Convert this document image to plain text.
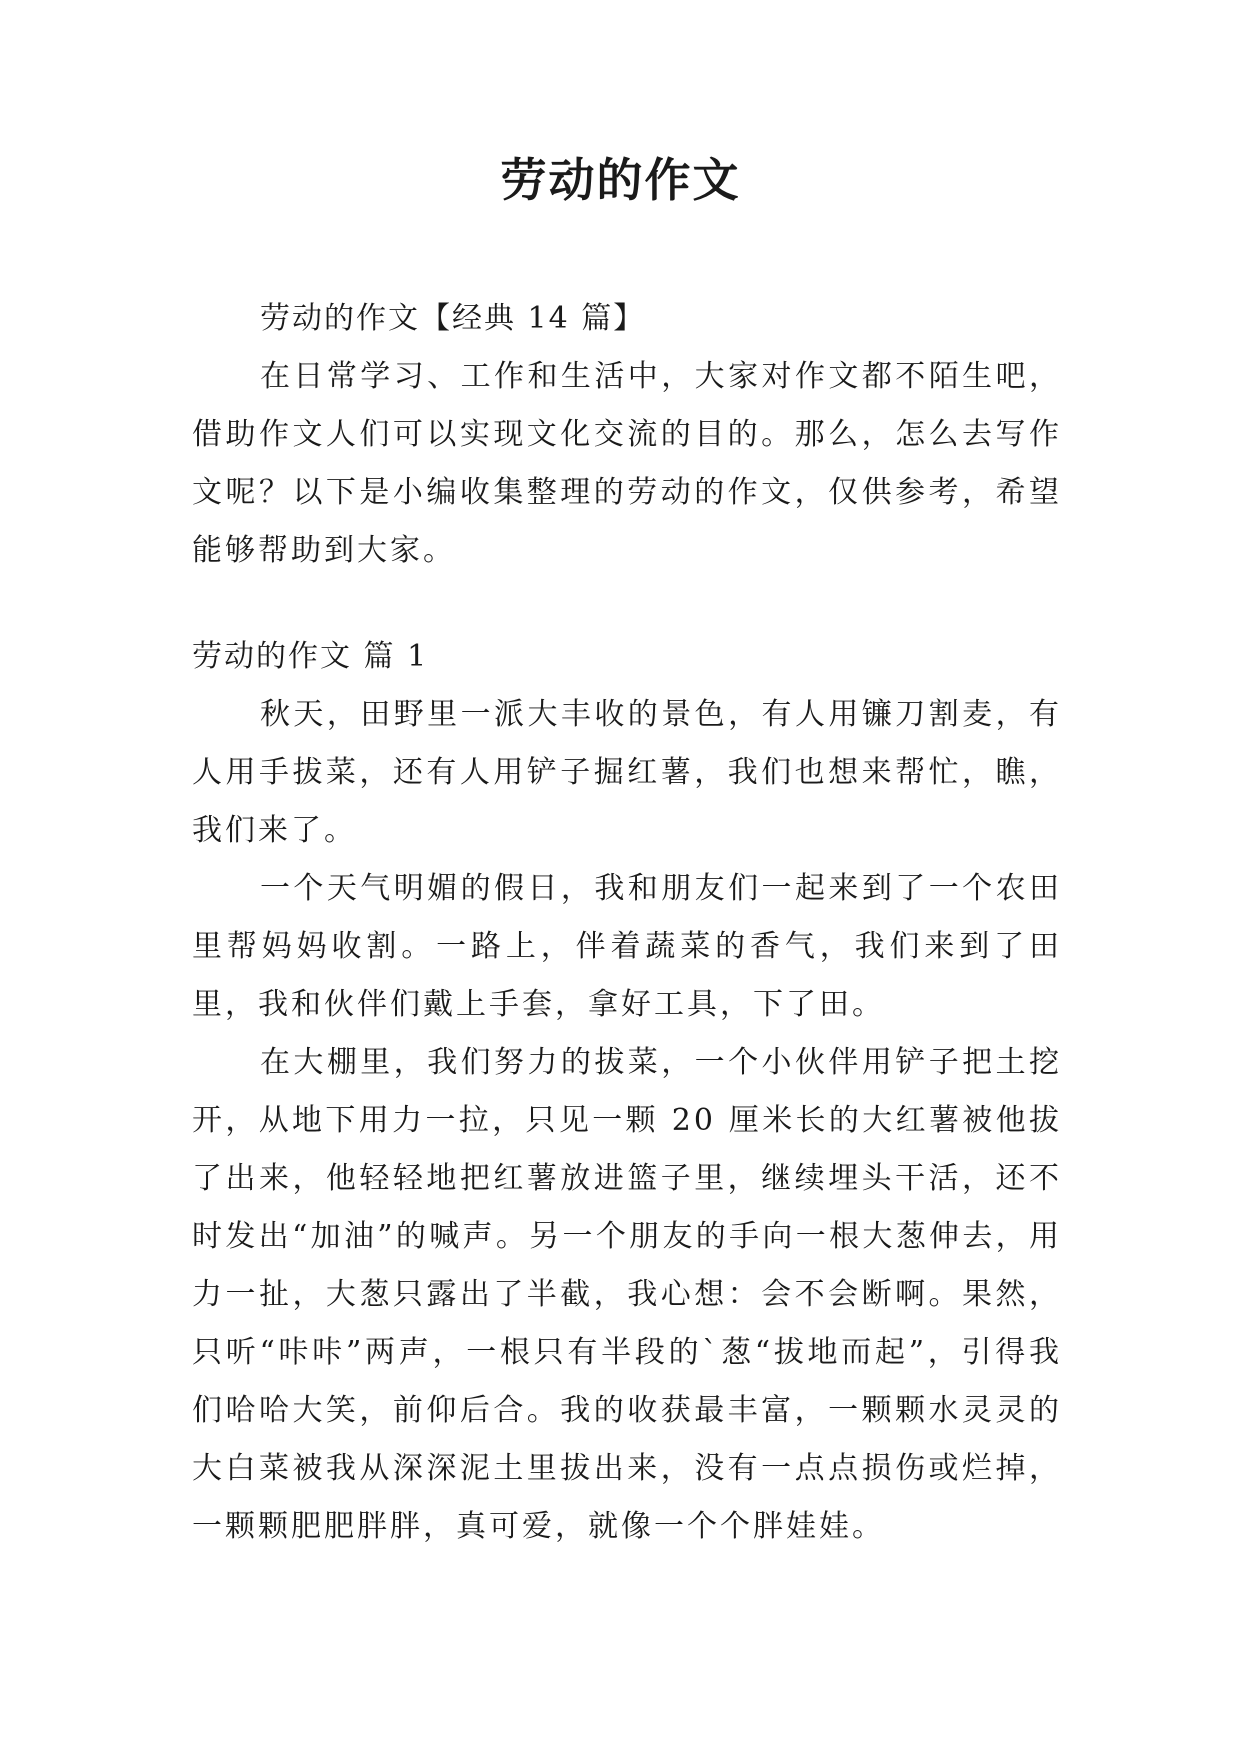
劳动的作文

劳动的作文【经典 14 篇】

在日常学习、工作和生活中，大家对作文都不陌生吧，借助作文人们可以实现文化交流的目的。那么，怎么去写作文呢？以下是小编收集整理的劳动的作文，仅供参考，希望能够帮助到大家。

劳动的作文 篇 1

秋天，田野里一派大丰收的景色，有人用镰刀割麦，有人用手拔菜，还有人用铲子掘红薯，我们也想来帮忙，瞧，我们来了。

一个天气明媚的假日，我和朋友们一起来到了一个农田里帮妈妈收割。一路上，伴着蔬菜的香气，我们来到了田里，我和伙伴们戴上手套，拿好工具，下了田。

在大棚里，我们努力的拔菜，一个小伙伴用铲子把土挖开，从地下用力一拉，只见一颗 20 厘米长的大红薯被他拔了出来，他轻轻地把红薯放进篮子里，继续埋头干活，还不时发出“加油”的喊声。另一个朋友的手向一根大葱伸去，用力一扯，大葱只露出了半截，我心想：会不会断啊。果然，只听“咔咔”两声，一根只有半段的`葱“拔地而起”，引得我们哈哈大笑，前仰后合。我的收获最丰富，一颗颗水灵灵的大白菜被我从深深泥土里拔出来，没有一点点损伤或烂掉，一颗颗肥肥胖胖，真可爱，就像一个个胖娃娃。
